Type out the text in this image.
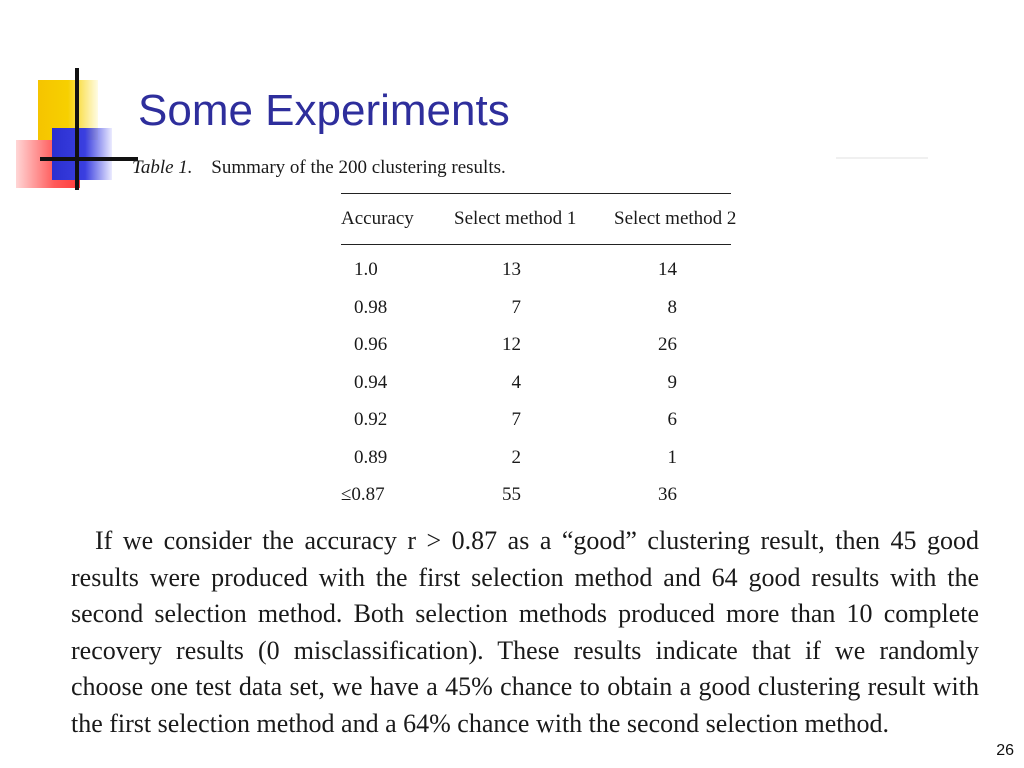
Some Experiments
Table 1. Summary of the 200 clustering results.
Accuracy Select method 1 Select method 2
1.0	13	14
0.98	7	8
0.96	12	26
0.94	4	9
0.92	7	6
0.89	2	1
≤0.87	55	36

If we consider the accuracy r > 0.87 as a “good” clustering result, then 45 good results were produced with the first selection method and 64 good results with the second selection method. Both selection methods produced more than 10 complete recovery results (0 misclassification). These results indicate that if we randomly choose one test data set, we have a 45% chance to obtain a good clustering result with the first selection method and a 64% chance with the second selection method.

26
